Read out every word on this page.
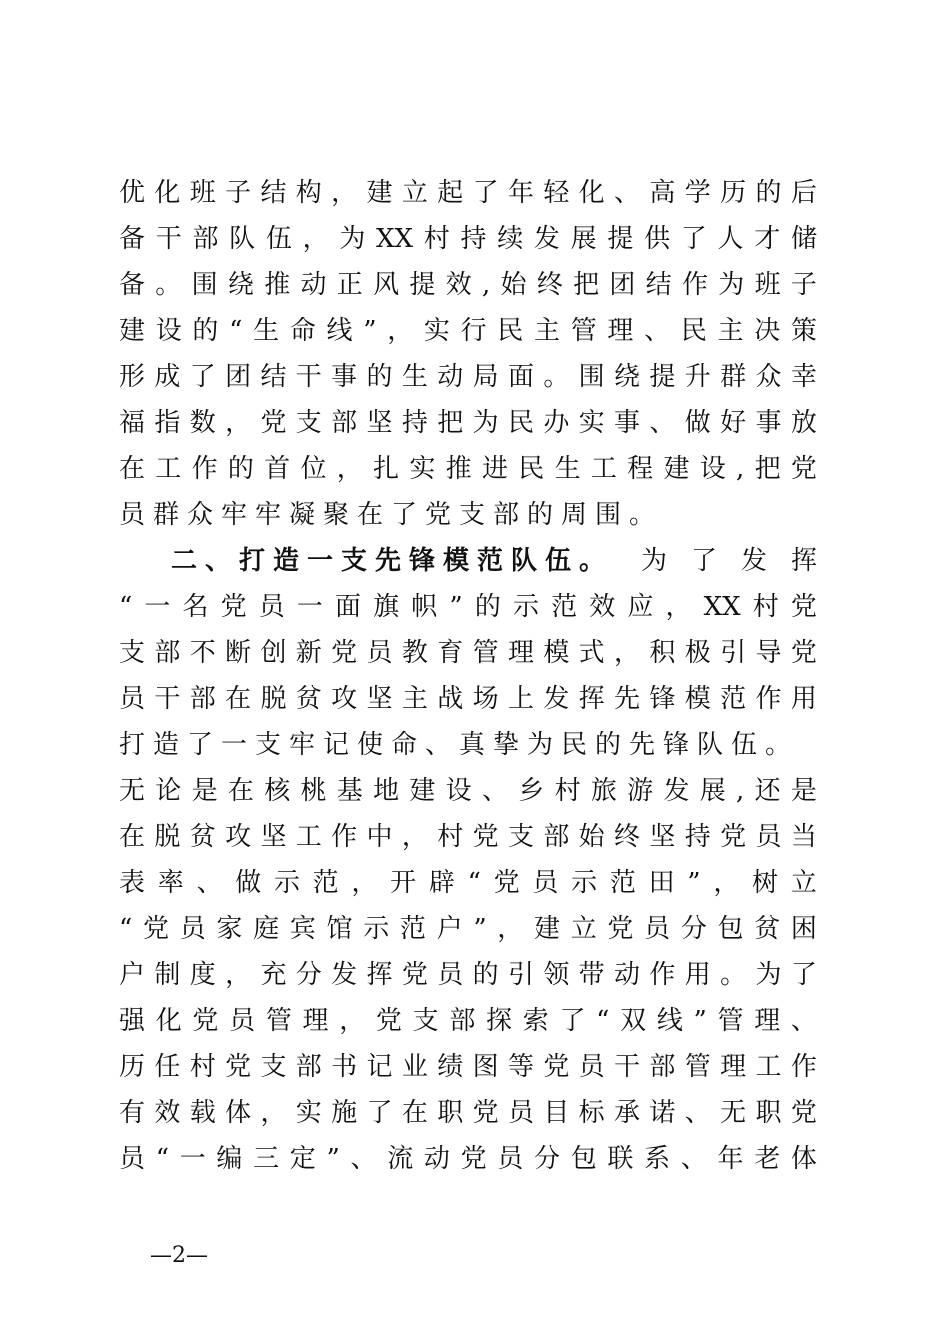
优 化 班 子 结 构 ， 建 立 起 了 年 轻 化 、 高 学 历 的 后
备 干 部 队 伍 ， 为 XX 村 持 续 发 展 提 供 了 人 才 储
备 。 围 绕 推 动 正 风 提 效 , 始 终 把 团 结 作 为 班 子
建 设 的 “ 生 命 线 ” ， 实 行 民 主 管 理 、 民 主 决 策
形 成 了 团 结 干 事 的 生 动 局 面 。 围 绕 提 升 群 众 幸
福 指 数 ， 党 支 部 坚 持 把 为 民 办 实 事 、 做 好 事 放
在 工 作 的 首 位 ， 扎 实 推 进 民 生 工 程 建 设 , 把 党
员群众牢牢凝聚在了党支部的周围。
二、打造一支先锋模范队伍。 为 了 发 挥
“ 一 名 党 员 一 面 旗 帜 ” 的 示 范 效 应 ， XX 村 党
支 部 不 断 创 新 党 员 教 育 管 理 模 式 ， 积 极 引 导 党
员 干 部 在 脱 贫 攻 坚 主 战 场 上 发 挥 先 锋 模 范 作 用
打造了一支牢记使命、真挚为民的先锋队伍。
无 论 是 在 核 桃 基 地 建 设 、 乡 村 旅 游 发 展 , 还 是
在 脱 贫 攻 坚 工 作 中 ， 村 党 支 部 始 终 坚 持 党 员 当
表 率 、 做 示 范 ， 开 辟 “ 党 员 示 范 田 ” ， 树 立
“ 党 员 家 庭 宾 馆 示 范 户 ” ， 建 立 党 员 分 包 贫 困
户 制 度 ， 充 分 发 挥 党 员 的 引 领 带 动 作 用 。 为 了
强 化 党 员 管 理 ， 党 支 部 探 索 了 “ 双 线 ” 管 理 、
历 任 村 党 支 部 书 记 业 绩 图 等 党 员 干 部 管 理 工 作
有 效 载 体 ， 实 施 了 在 职 党 员 目 标 承 诺 、 无 职 党
员 “ 一 编 三 定 ” 、 流 动 党 员 分 包 联 系 、 年 老 体
—2—
